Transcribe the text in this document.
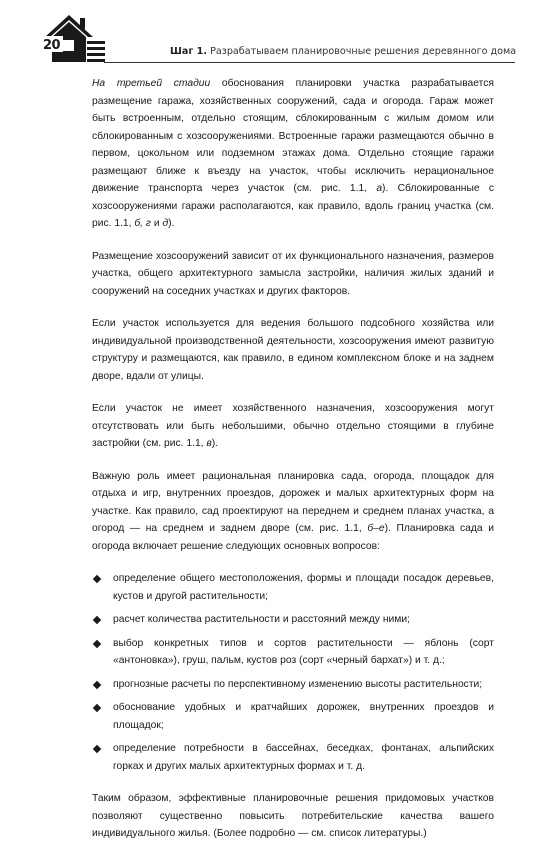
20	Шаг 1. Разрабатываем планировочные решения деревянного дома

На третьей стадии обоснования планировки участка разрабатывается размещение гаража, хозяйственных сооружений, сада и огорода. Гараж может быть встроенным, отдельно стоящим, сблокированным с жилым домом или сблокированным с хозсооружениями. Встроенные гаражи размещаются обычно в первом, цокольном или подземном этажах дома. Отдельно стоящие гаражи размещают ближе к въезду на участок, чтобы исключить нерациональное движение транспорта через участок (см. рис. 1.1, а). Сблокированные с хозсооружениями гаражи располагаются, как правило, вдоль границ участка (см. рис. 1.1, б, г и д).

Размещение хозсооружений зависит от их функционального назначения, размеров участка, общего архитектурного замысла застройки, наличия жилых зданий и сооружений на соседних участках и других факторов.

Если участок используется для ведения большого подсобного хозяйства или индивидуальной производственной деятельности, хозсооружения имеют развитую структуру и размещаются, как правило, в едином комплексном блоке и на заднем дворе, вдали от улицы.

Если участок не имеет хозяйственного назначения, хозсооружения могут отсутствовать или быть небольшими, обычно отдельно стоящими в глубине застройки (см. рис. 1.1, в).

Важную роль имеет рациональная планировка сада, огорода, площадок для отдыха и игр, внутренних проездов, дорожек и малых архитектурных форм на участке. Как правило, сад проектируют на переднем и среднем планах участка, а огород — на среднем и заднем дворе (см. рис. 1.1, б–е). Планировка сада и огорода включает решение следующих основных вопросов:

определение общего местоположения, формы и площади посадок деревьев, кустов и другой растительности;
расчет количества растительности и расстояний между ними;
выбор конкретных типов и сортов растительности — яблонь (сорт «антоновка»), груш, пальм, кустов роз (сорт «черный бархат») и т. д.;
прогнозные расчеты по перспективному изменению высоты растительности;
обоснование удобных и кратчайших дорожек, внутренних проездов и площадок;
определение потребности в бассейнах, беседках, фонтанах, альпийских горках и других малых архитектурных формах и т. д.

Таким образом, эффективные планировочные решения придомовых участков позволяют существенно повысить потребительские качества вашего индивидуального жилья. (Более подробно — см. список литературы.)
